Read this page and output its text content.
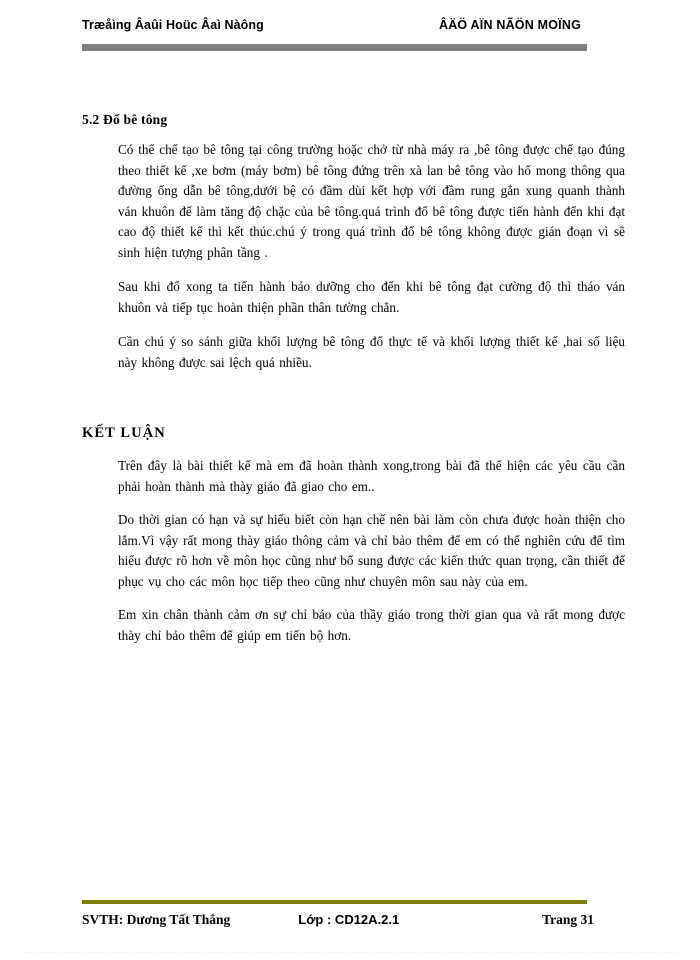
Træåìng Âaûi Hoüc Âaì Nàông	ÂÄÖ AÏN NÃÖN MOÏNG
5.2 Đổ bê tông

Có thể chế tạo bê tông tại công trường hoặc chở từ nhà máy ra ,bê tông được chế tạo đúng theo thiết kế ,xe bơm (máy bơm) bê tông đứng trên xà lan bê tông vào hố mong thông qua đường ống dẫn bê tông,dưới bệ có đầm dùi kết hợp với đầm rung gắn xung quanh thành ván khuôn để làm tăng độ chặc của bê tông.quá trình đổ bê tông được tiến hành đến khi đạt cao độ thiết kế thì kết thúc.chú ý trong quá trình đổ bê tông không được gián đoạn vì sẽ sinh hiện tượng phân tầng .

Sau khi đổ xong ta tiến hành bảo dưỡng cho đến khi bê tông đạt cường độ thì tháo ván khuôn và tiếp tục hoàn thiện phần thân tường chắn.

Cần chú ý so sánh giữa khối lượng bê tông đổ thực tế và khối lượng thiết kế ,hai số liệu này không được sai lệch quá nhiều.

KẾT LUẬN

Trên đây là bài thiết kế mà em đã hoàn thành xong,trong bài đã thể hiện các yêu cầu cần phải hoàn thành mà thày giáo đã giao cho em..

Do thời gian có hạn và sự hiểu biết còn hạn chế nên bài làm còn chưa được hoàn thiện cho lắm.Vì vậy rất mong thày giáo thông cảm và chỉ bảo thêm để em có thể nghiên cứu để tìm hiểu được rõ hơn về môn học cũng như bổ sung được các kiến thức quan trọng, cần thiết để phục vụ cho các môn học tiếp theo cũng như chuyên môn sau này của em.

Em xin chân thành cảm ơn sự chỉ bảo của thầy giáo trong thời gian qua và rất mong được thày chỉ bảo thêm để giúp em tiến bộ hơn.

SVTH: Dương Tất Thắng	Lớp : CD12A.2.1	Trang 31
